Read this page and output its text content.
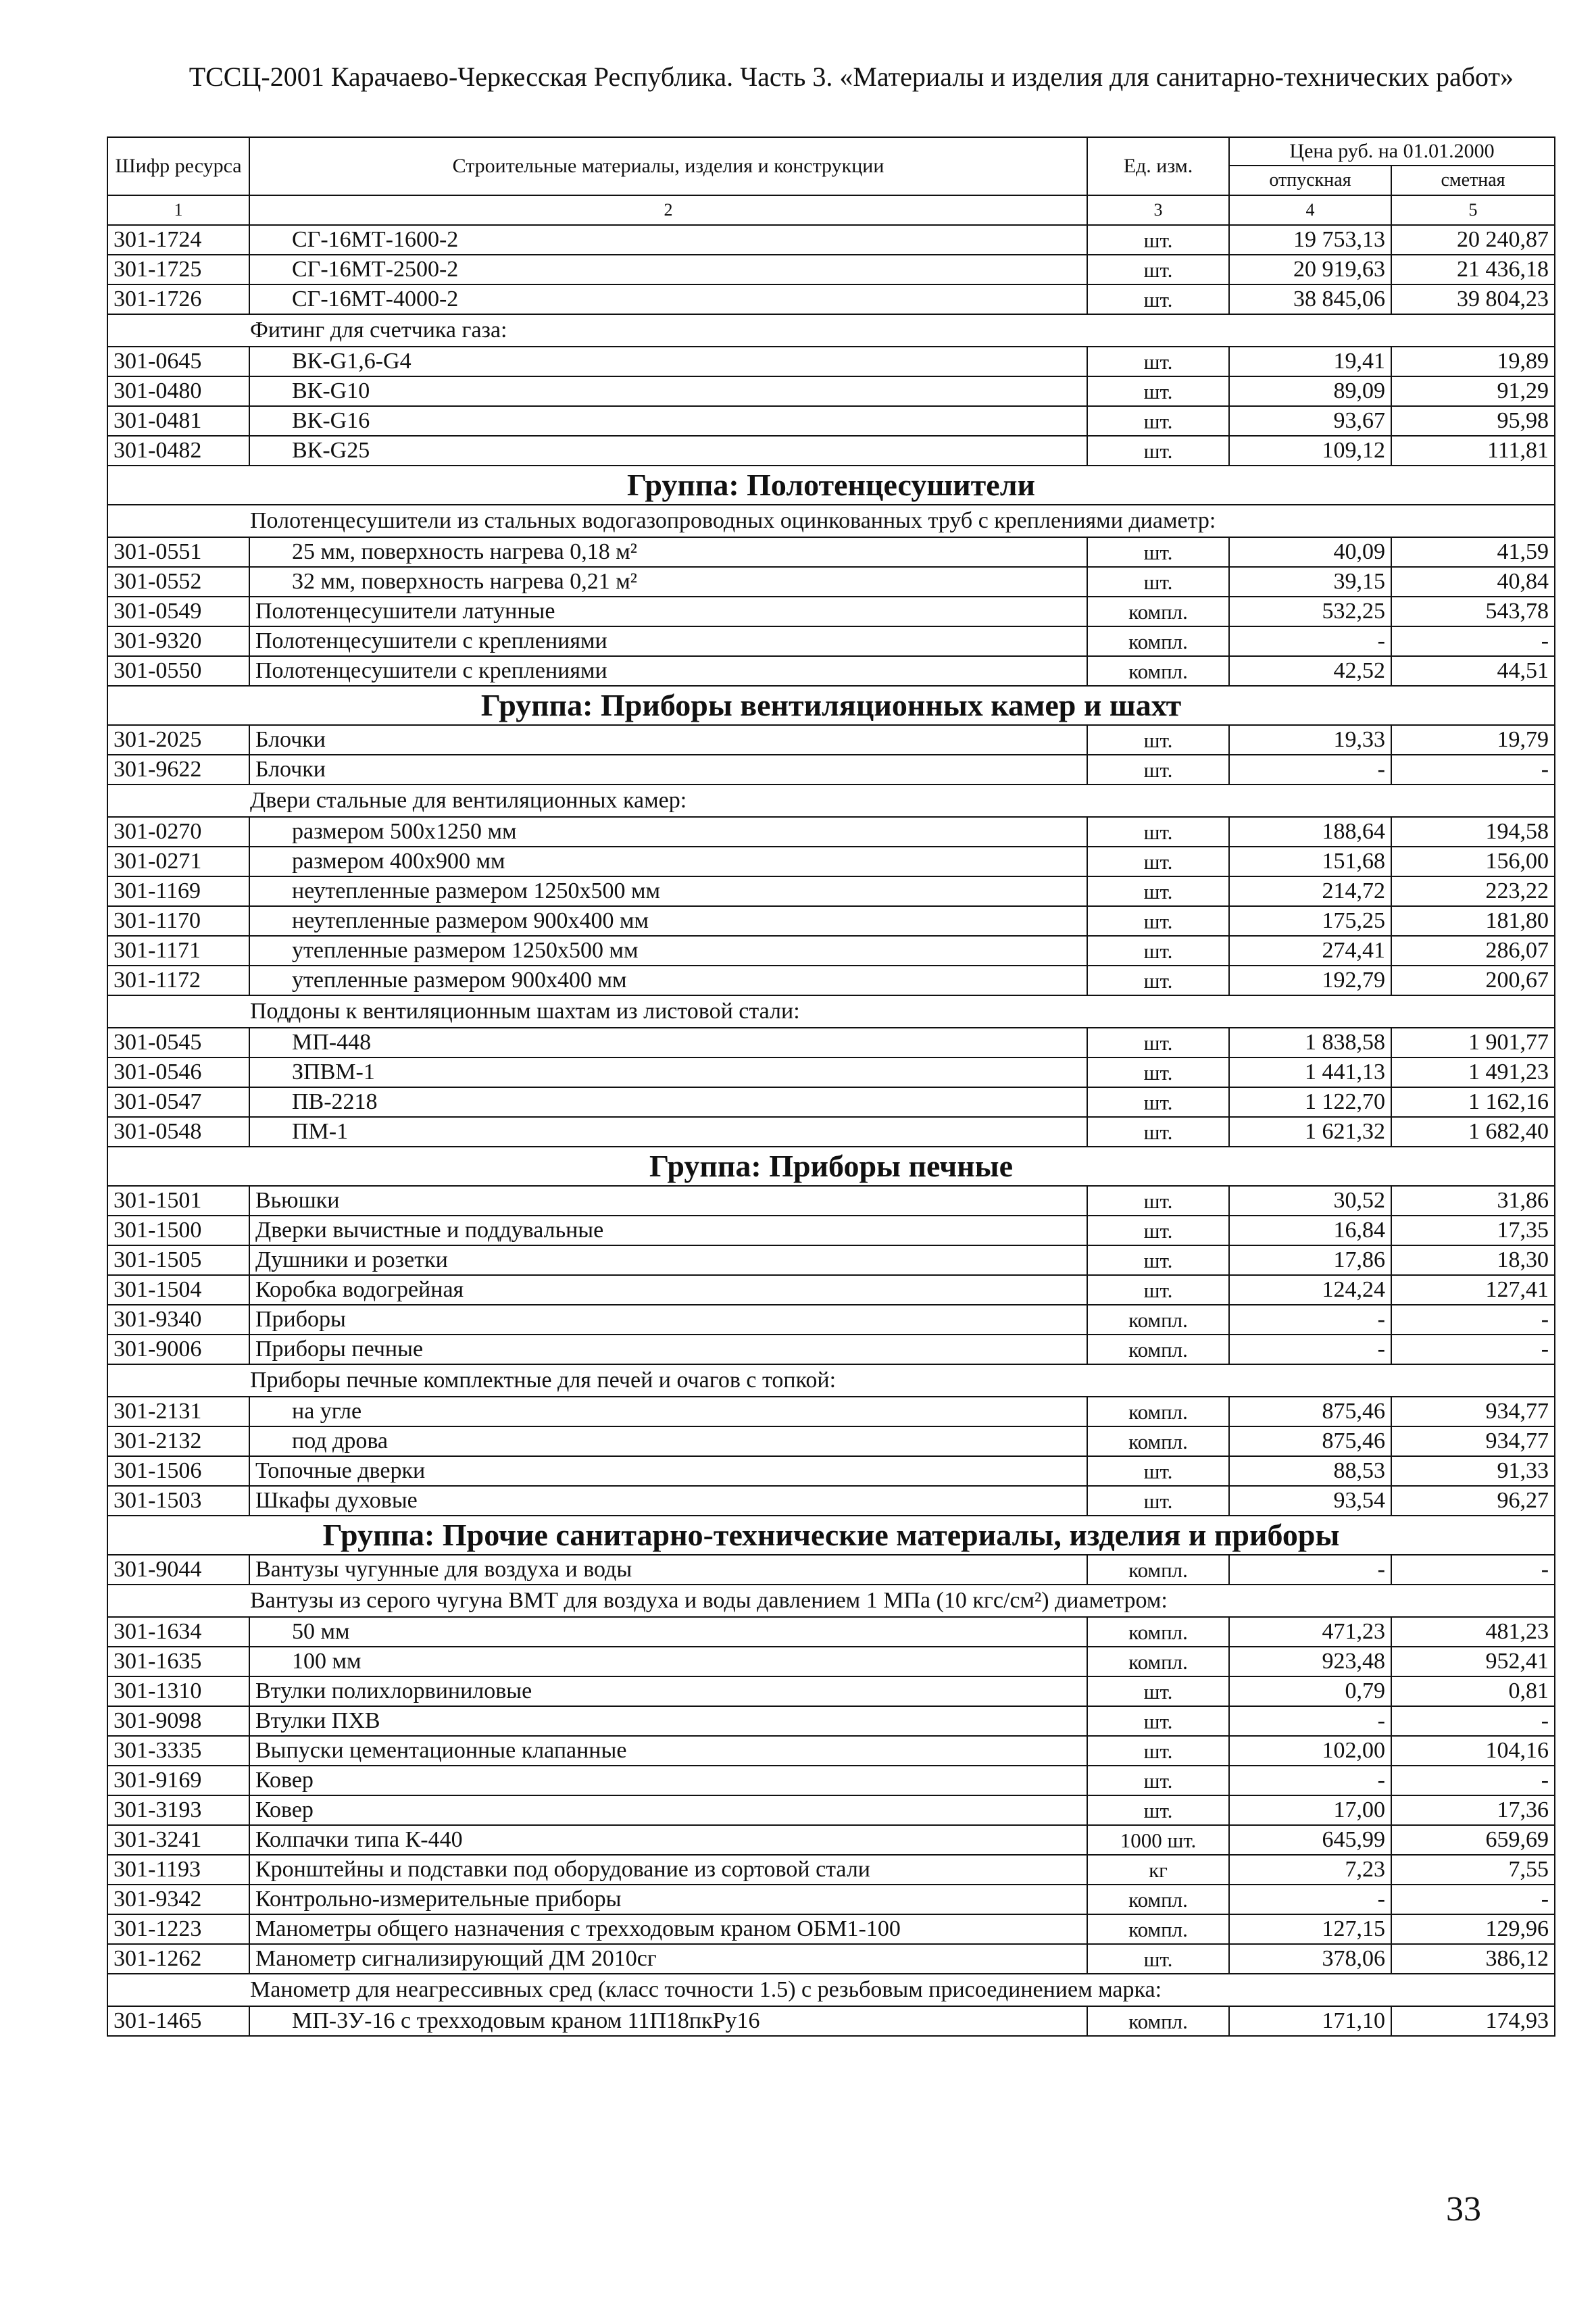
ТССЦ-2001 Карачаево-Черкесская Республика. Часть 3. «Материалы и изделия для санитарно-технических работ»
Шифр ресурса	Строительные материалы, изделия и конструкции	Ед. изм.	Цена руб. на 01.01.2000	
			отпускная	сметная
1	2	3	4	5
301-1724	СГ-16МТ-1600-2	шт.	19 753,13	20 240,87
301-1725	СГ-16МТ-2500-2	шт.	20 919,63	21 436,18
301-1726	СГ-16МТ-4000-2	шт.	38 845,06	39 804,23
Фитинг для счетчика газа:				
301-0645	ВК-G1,6-G4	шт.	19,41	19,89
301-0480	ВК-G10	шт.	89,09	91,29
301-0481	ВК-G16	шт.	93,67	95,98
301-0482	ВК-G25	шт.	109,12	111,81
Группа: Полотенцесушители				
Полотенцесушители из стальных водогазопроводных оцинкованных труб с креплениями диаметр:				
301-0551	25 мм, поверхность нагрева 0,18 м²	шт.	40,09	41,59
301-0552	32 мм, поверхность нагрева 0,21 м²	шт.	39,15	40,84
301-0549	Полотенцесушители латунные	компл.	532,25	543,78
301-9320	Полотенцесушители с креплениями	компл.	-	-
301-0550	Полотенцесушители с креплениями	компл.	42,52	44,51
Группа: Приборы вентиляционных камер и шахт				
301-2025	Блочки	шт.	19,33	19,79
301-9622	Блочки	шт.	-	-
Двери стальные для вентиляционных камер:				
301-0270	размером 500х1250 мм	шт.	188,64	194,58
301-0271	размером 400х900 мм	шт.	151,68	156,00
301-1169	неутепленные размером 1250х500 мм	шт.	214,72	223,22
301-1170	неутепленные размером 900х400 мм	шт.	175,25	181,80
301-1171	утепленные размером 1250х500 мм	шт.	274,41	286,07
301-1172	утепленные размером 900х400 мм	шт.	192,79	200,67
Поддоны к вентиляционным шахтам из листовой стали:				
301-0545	МП-448	шт.	1 838,58	1 901,77
301-0546	ЗПВМ-1	шт.	1 441,13	1 491,23
301-0547	ПВ-2218	шт.	1 122,70	1 162,16
301-0548	ПМ-1	шт.	1 621,32	1 682,40
Группа: Приборы печные				
301-1501	Вьюшки	шт.	30,52	31,86
301-1500	Дверки вычистные и поддувальные	шт.	16,84	17,35
301-1505	Душники и розетки	шт.	17,86	18,30
301-1504	Коробка водогрейная	шт.	124,24	127,41
301-9340	Приборы	компл.	-	-
301-9006	Приборы печные	компл.	-	-
Приборы печные комплектные для печей и очагов с топкой:				
301-2131	на угле	компл.	875,46	934,77
301-2132	под дрова	компл.	875,46	934,77
301-1506	Топочные дверки	шт.	88,53	91,33
301-1503	Шкафы духовые	шт.	93,54	96,27
Группа: Прочие санитарно-технические материалы, изделия и приборы				
301-9044	Вантузы чугунные для воздуха и воды	компл.	-	-
Вантузы из серого чугуна ВМТ для воздуха и воды давлением 1 МПа (10 кгс/см²) диаметром:				
301-1634	50 мм	компл.	471,23	481,23
301-1635	100 мм	компл.	923,48	952,41
301-1310	Втулки полихлорвиниловые	шт.	0,79	0,81
301-9098	Втулки ПХВ	шт.	-	-
301-3335	Выпуски цементационные клапанные	шт.	102,00	104,16
301-9169	Ковер	шт.	-	-
301-3193	Ковер	шт.	17,00	17,36
301-3241	Колпачки типа К-440	1000 шт.	645,99	659,69
301-1193	Кронштейны и подставки под оборудование из сортовой стали	кг	7,23	7,55
301-9342	Контрольно-измерительные приборы	компл.	-	-
301-1223	Манометры общего назначения с трехходовым краном ОБМ1-100	компл.	127,15	129,96
301-1262	Манометр сигнализирующий ДМ 2010сг	шт.	378,06	386,12
Манометр для неагрессивных сред (класс точности 1.5) с резьбовым присоединением марка:				
301-1465	МП-3У-16 с трехходовым краном 11П18пкРу16	компл.	171,10	174,93
33
